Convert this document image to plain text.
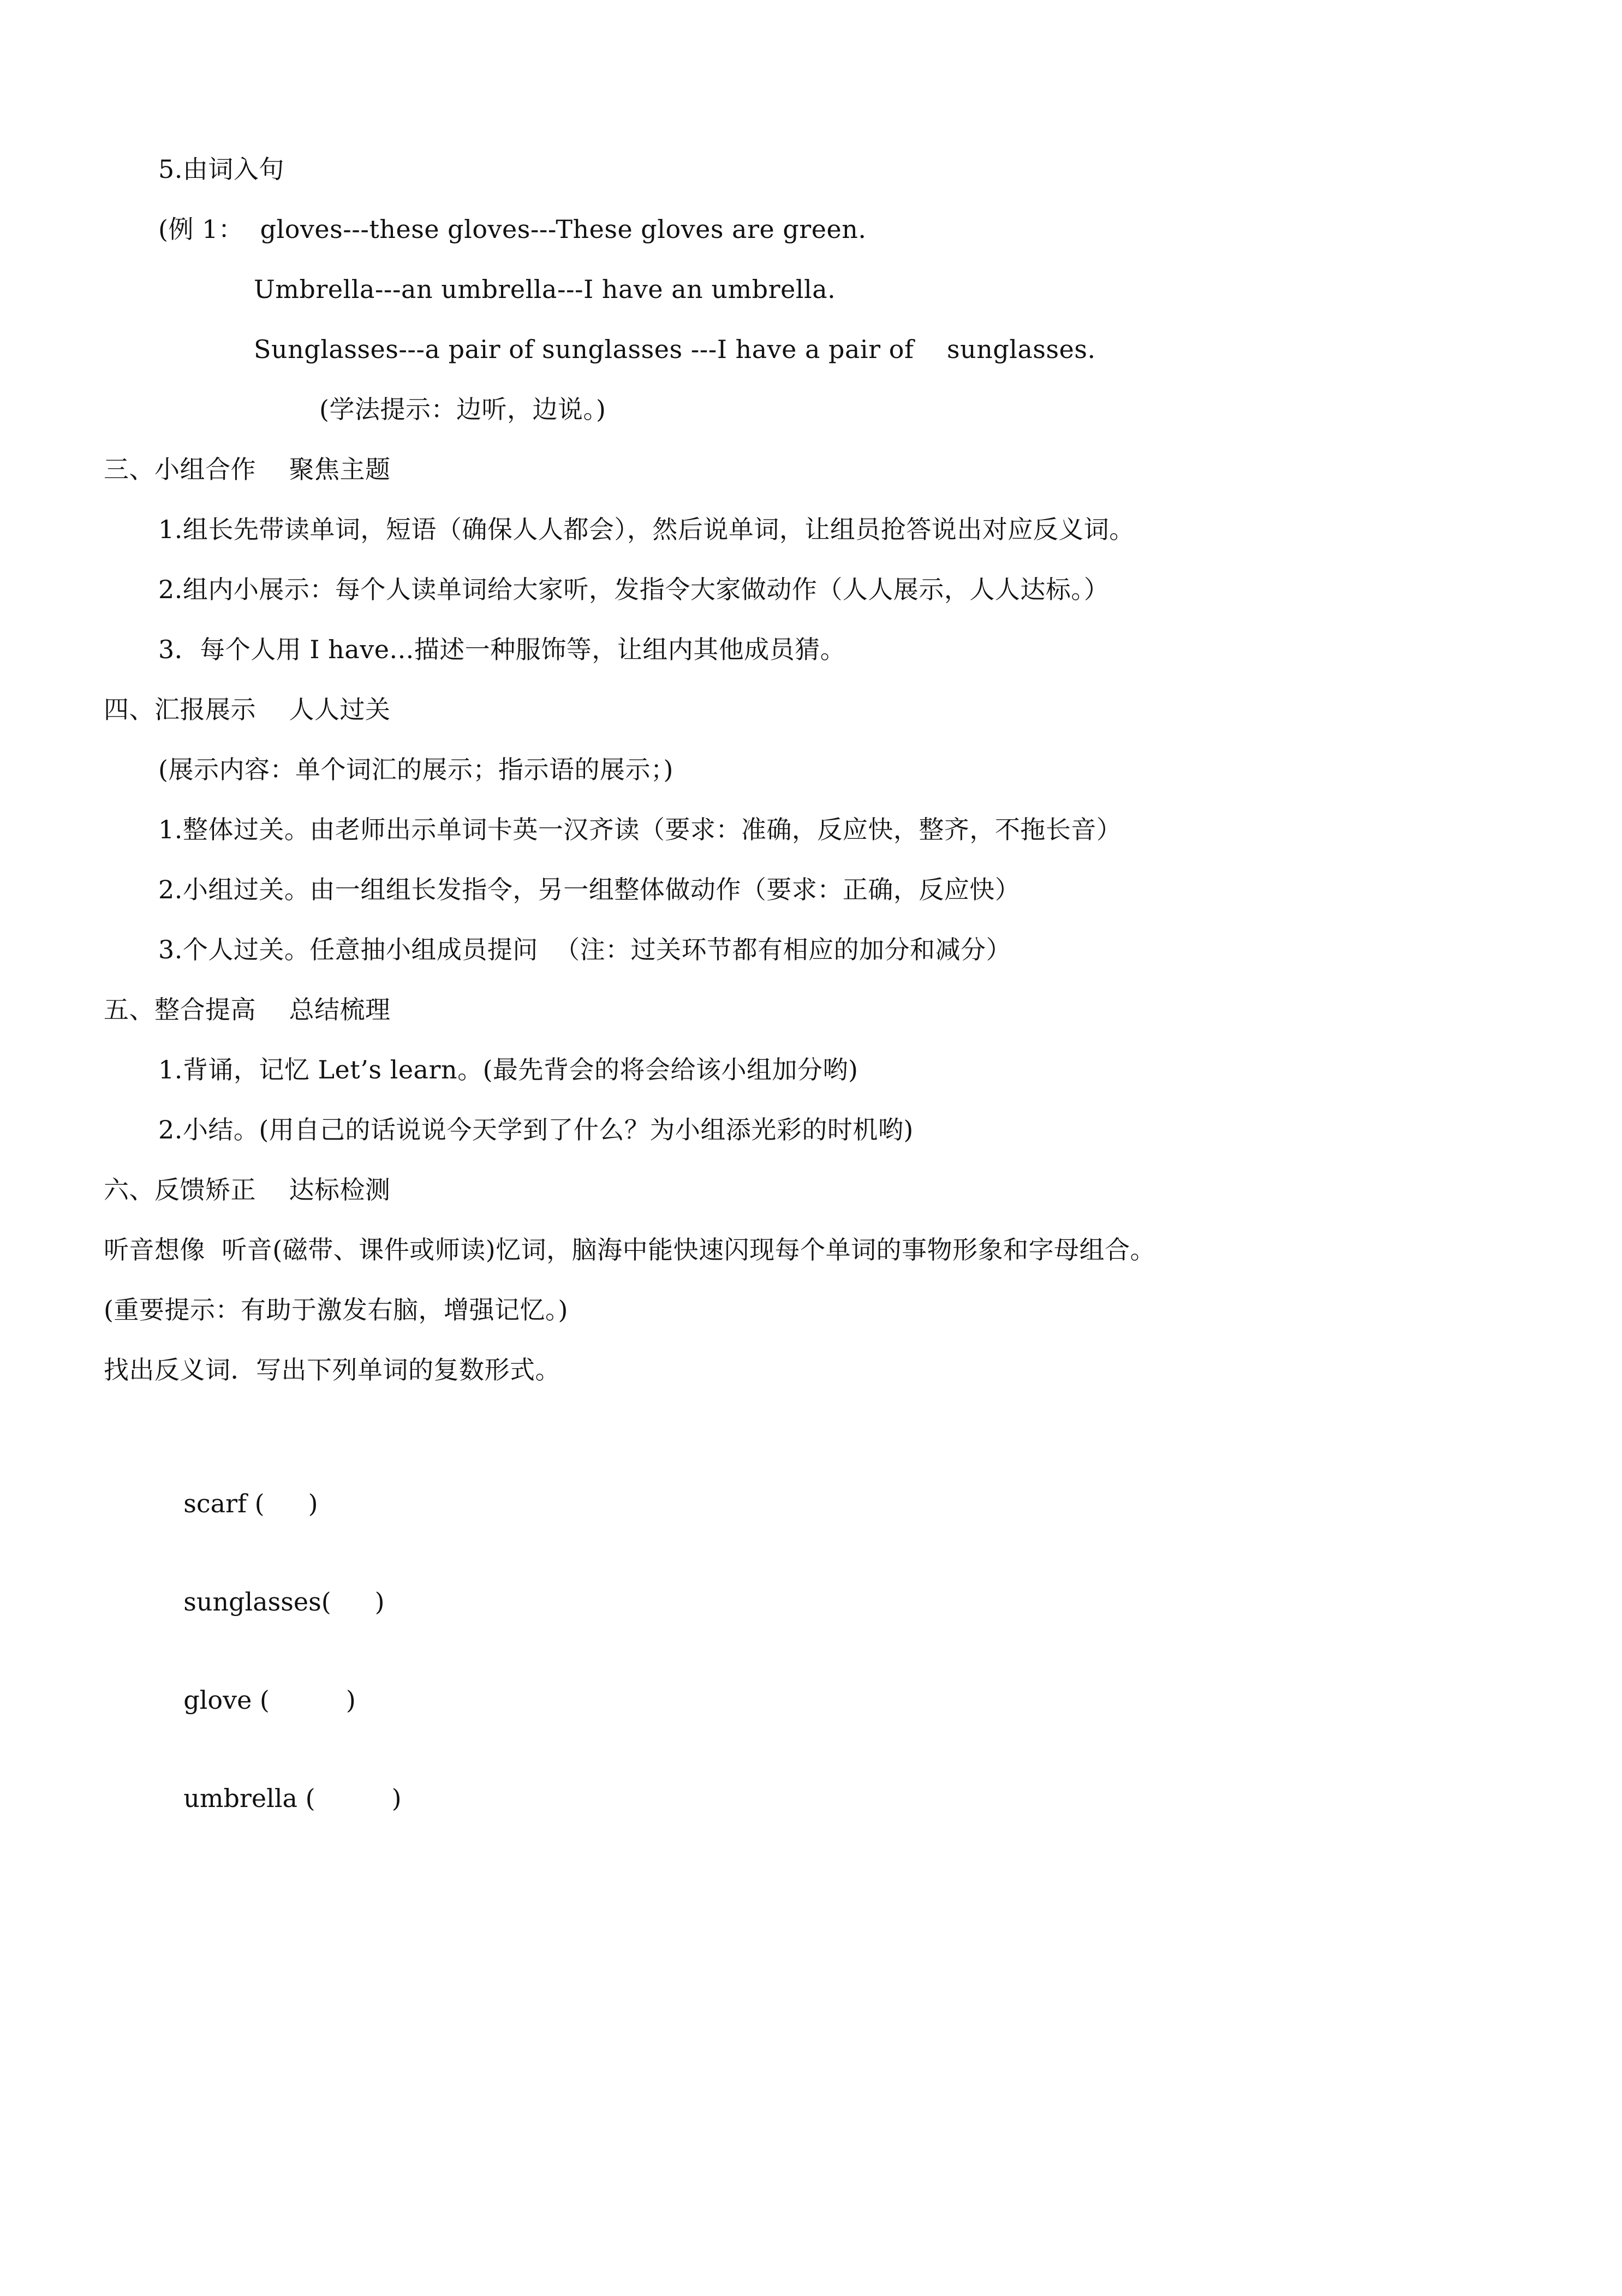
5.由词入句
(例 1：  gloves---these gloves---These gloves are green.
Umbrella---an umbrella---I have an umbrella.
Sunglasses---a pair of sunglasses ---I have a pair of    sunglasses.
(学法提示：边听，边说。)
三、小组合作    聚焦主题
1.组长先带读单词，短语（确保人人都会），然后说单词，让组员抢答说出对应反义词。
2.组内小展示：每个人读单词给大家听，发指令大家做动作（人人展示，人人达标。）
3．每个人用 I have...描述一种服饰等，让组内其他成员猜。
四、汇报展示    人人过关
(展示内容：单个词汇的展示；指示语的展示；)
1.整体过关。由老师出示单词卡英一汉齐读（要求：准确，反应快，整齐，不拖长音）
2.小组过关。由一组组长发指令，另一组整体做动作（要求：正确，反应快）
3.个人过关。任意抽小组成员提问  （注：过关环节都有相应的加分和减分）
五、整合提高    总结梳理
1.背诵，记忆 Let’s learn。(最先背会的将会给该小组加分哟)
2.小结。(用自己的话说说今天学到了什么？为小组添光彩的时机哟)
六、反馈矫正    达标检测
听音想像  听音(磁带、课件或师读)忆词，脑海中能快速闪现每个单词的事物形象和字母组合。
(重要提示：有助于激发右脑，增强记忆。)
找出反义词．写出下列单词的复数形式。

scarf ( )

sunglasses( )

glove (	)

umbrella (	)
